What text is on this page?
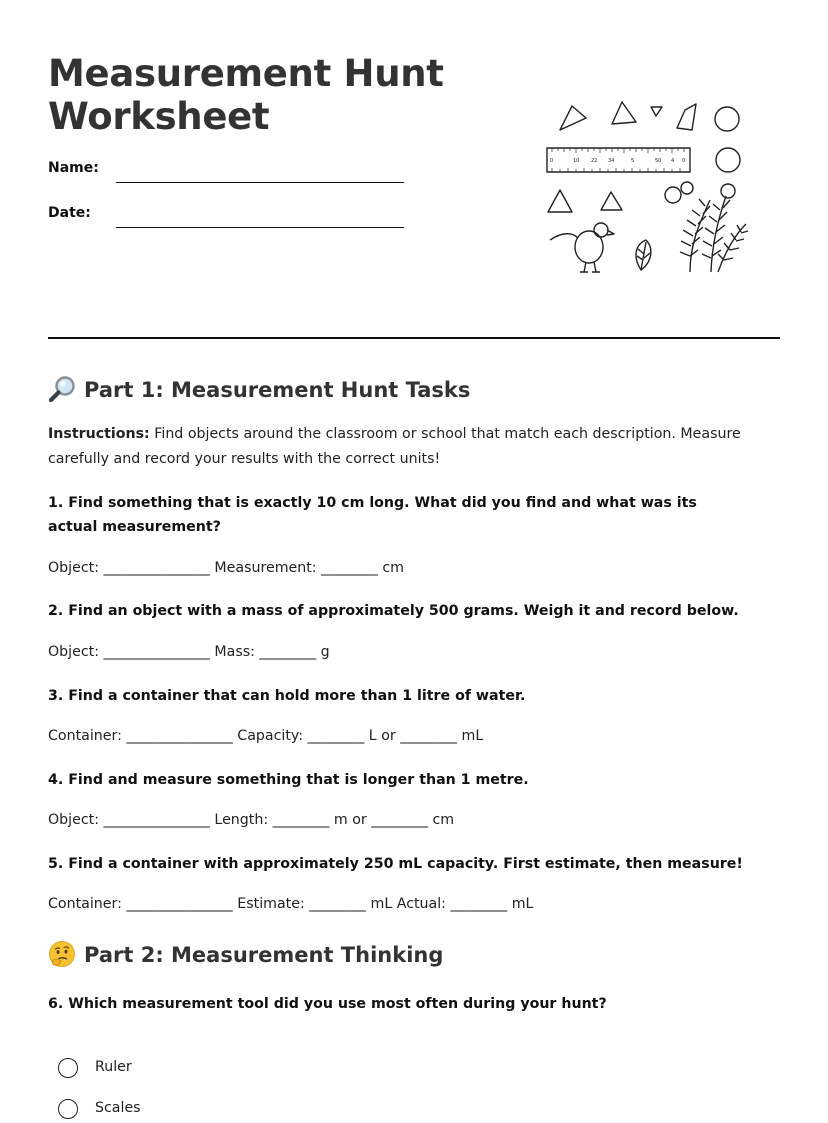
Measurement Hunt Worksheet
Name:
Date:
0	10 22 34	5	50 4 0
Part 1: Measurement Hunt Tasks

Instructions: Find objects around the classroom or school that match each description. Measure carefully and record your results with the correct units!

1. Find something that is exactly 10 cm long. What did you find and what was its actual measurement?

Object: _______________ Measurement: ________ cm

2. Find an object with a mass of approximately 500 grams. Weigh it and record below.

Object: _______________ Mass: ________ g

3. Find a container that can hold more than 1 litre of water.

Container: _______________ Capacity: ________ L or ________ mL

4. Find and measure something that is longer than 1 metre.

Object: _______________ Length: ________ m or ________ cm

5. Find a container with approximately 250 mL capacity. First estimate, then measure!

Container: _______________ Estimate: ________ mL Actual: ________ mL

Part 2: Measurement Thinking

6. Which measurement tool did you use most often during your hunt?

Ruler
Scales
